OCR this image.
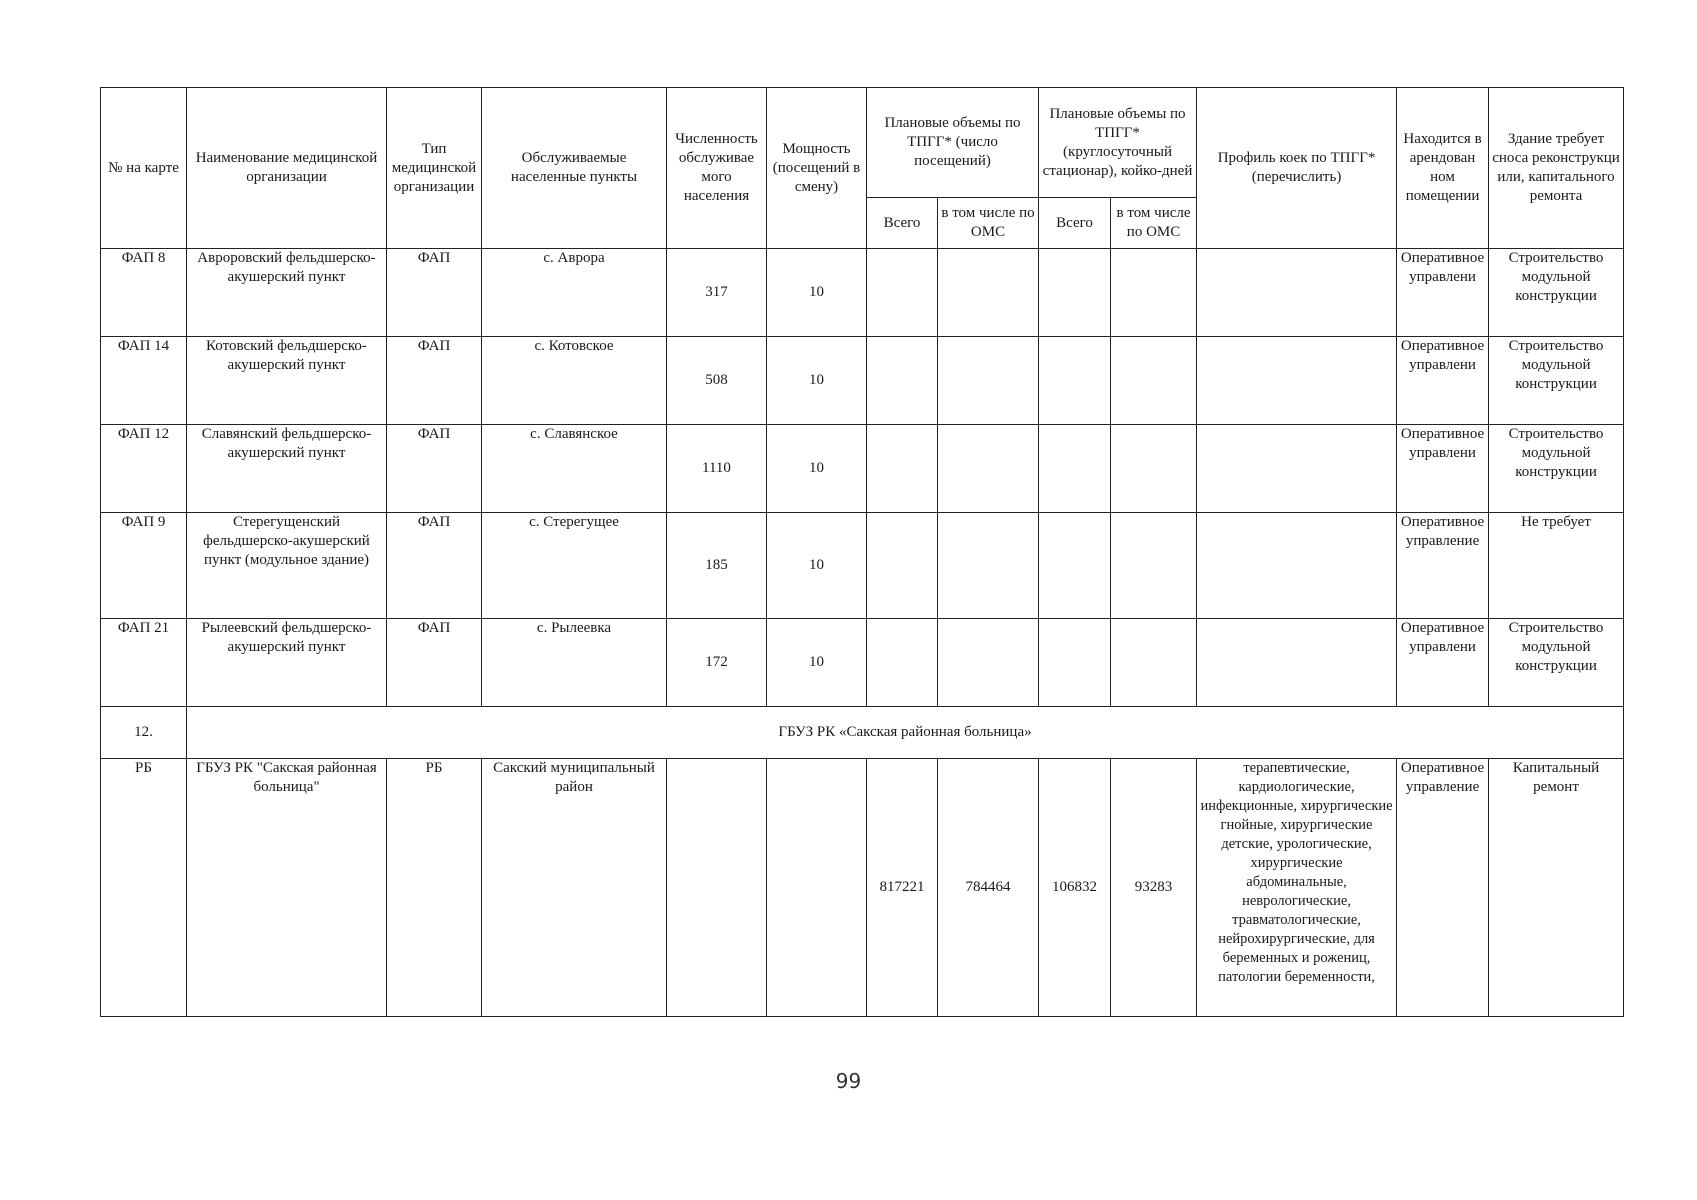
№ на карте	Наименование медицинской организации	Тип медицинской организации	Обслуживаемые населенные пункты	Численность обслуживае мого населения	Мощность (посещений в смену)	Плановые объемы по ТПГГ* (число посещений)		Плановые объемы по ТПГГ* (круглосуточный стационар), койко-дней		Профиль коек по ТПГГ* (перечислить)	Находится в арендован ном помещении	Здание требует сноса реконструкци или, капитального ремонта
						Всего	в том числе по ОМС	Всего	в том числе по ОМС			
ФАП 8	Авроровский фельдшерско-акушерский пункт	ФАП	с. Аврора	317	10						Оперативное управлени	Строительство модульной конструкции
ФАП 14	Котовский фельдшерско-акушерский пункт	ФАП	с. Котовское	508	10						Оперативное управлени	Строительство модульной конструкции
ФАП 12	Славянский фельдшерско-акушерский пункт	ФАП	с. Славянское	1110	10						Оперативное управлени	Строительство модульной конструкции
ФАП 9	Стерегущенский фельдшерско-акушерский пункт (модульное здание)	ФАП	с. Стерегущее	185	10						Оперативное управление	Не требует
ФАП 21	Рылеевский фельдшерско-акушерский пункт	ФАП	с. Рылеевка	172	10						Оперативное управлени	Строительство модульной конструкции
12.	ГБУЗ РК «Сакская районная больница»											
РБ	ГБУЗ РК "Сакская районная больница"	РБ	Сакский муниципальный район			817221	784464	106832	93283	терапевтические, кардиологические, инфекционные, хирургические гнойные, хирургические детские, урологические, хирургические абдоминальные, неврологические, травматологические, нейрохирургические, для беременных и рожениц, патологии беременности,	Оперативное управление	Капитальный ремонт
99
